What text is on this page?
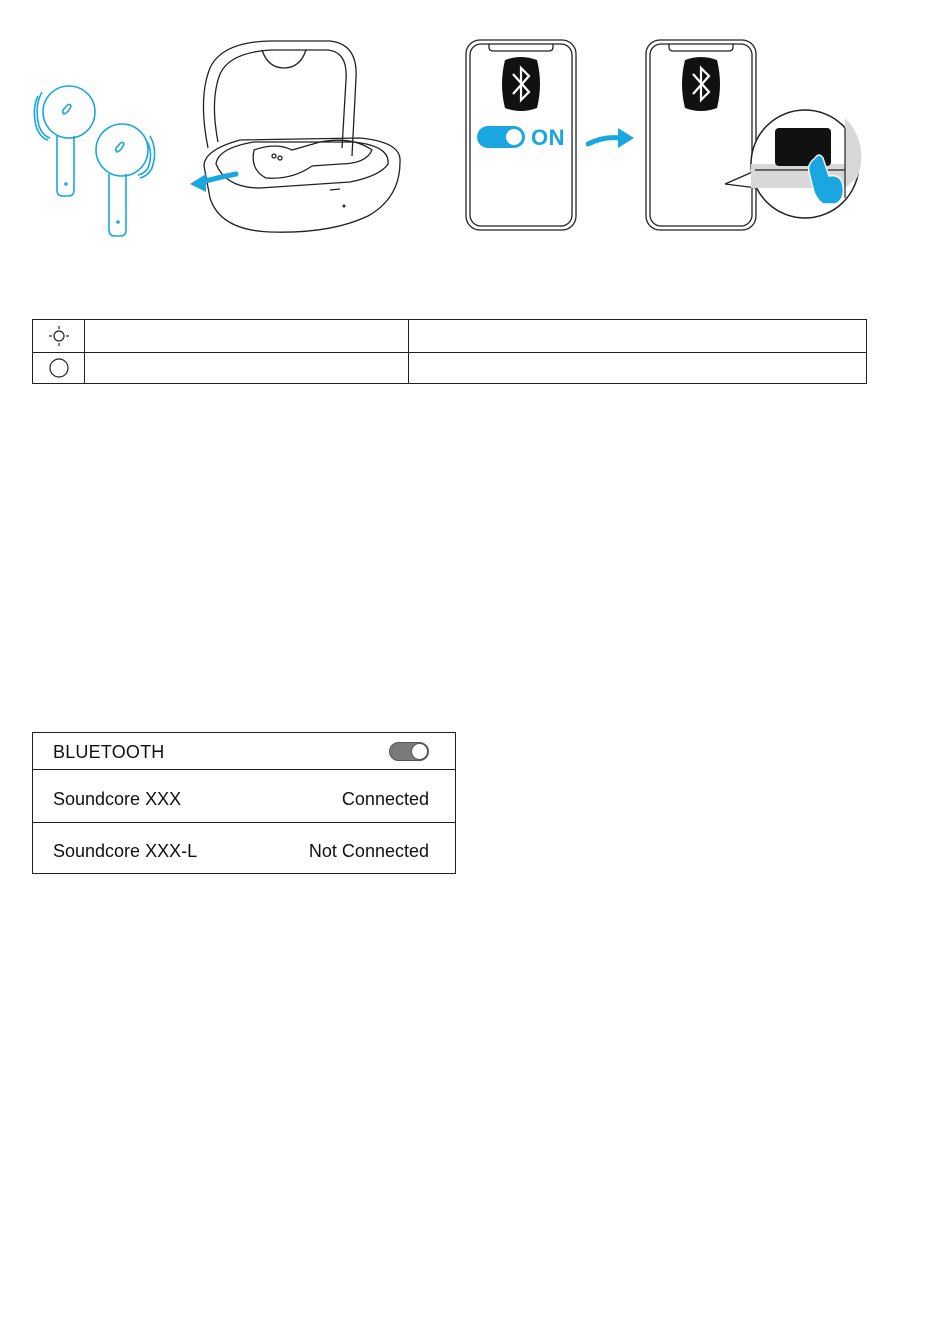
ON
BLUETOOTH
Soundcore XXX	Connected
Soundcore XXX-L	Not Connected
